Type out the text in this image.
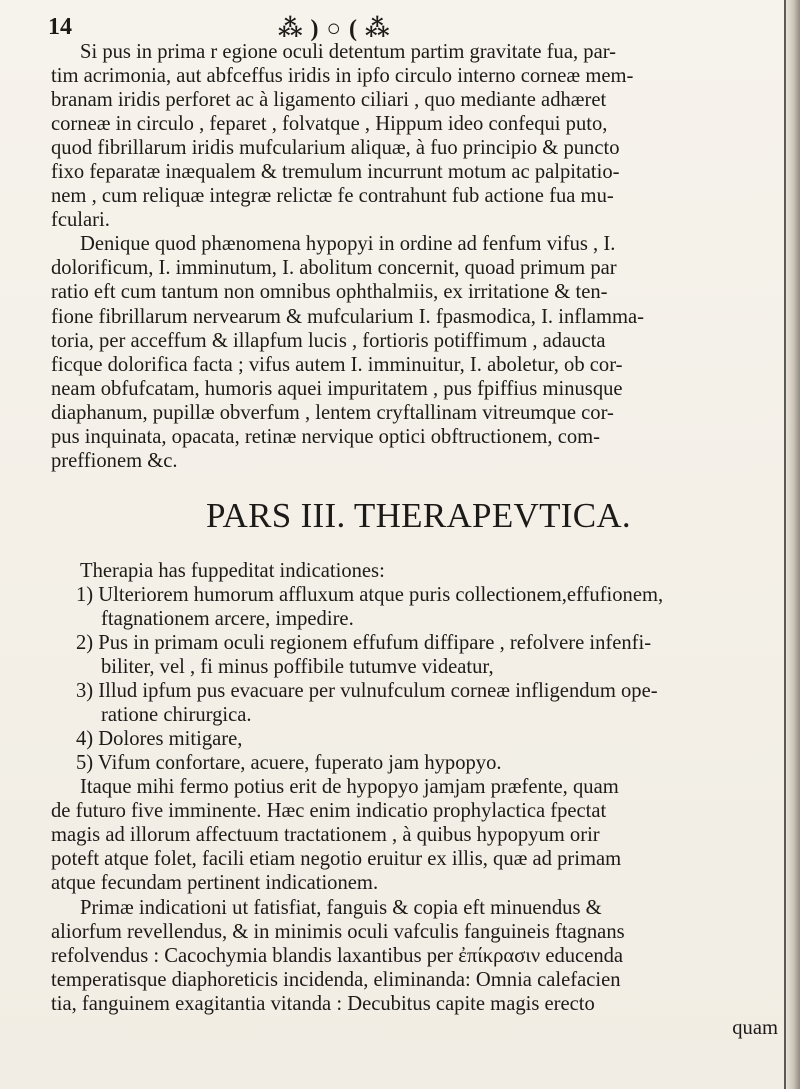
14	⁂ ) ○ ( ⁂
Si pus in prima r egione oculi detentum partim gravitate fua, par-
tim acrimonia, aut abfceffus iridis in ipfo circulo interno corneæ mem-
branam iridis perforet ac à ligamento ciliari , quo mediante adhæret
corneæ in circulo , feparet , folvatque , Hippum ideo confequi puto,
quod fibrillarum iridis mufcularium aliquæ, à fuo principio & puncto
fixo feparatæ inæqualem & tremulum incurrunt motum ac palpitatio-
nem , cum reliquæ integræ relictæ fe contrahunt fub actione fua mu-
fculari.
Denique quod phænomena hypopyi in ordine ad fenfum vifus , I.
dolorificum, I. imminutum, I. abolitum concernit, quoad primum par
ratio eft cum tantum non omnibus ophthalmiis, ex irritatione & ten-
fione fibrillarum nervearum & mufcularium I. fpasmodica, I. inflamma-
toria, per acceffum & illapfum lucis , fortioris potiffimum , adaucta
ficque dolorifica facta ; vifus autem I. imminuitur, I. aboletur, ob cor-
neam obfufcatam, humoris aquei impuritatem , pus fpiffius minusque
diaphanum, pupillæ obverfum , lentem cryftallinam vitreumque cor-
pus inquinata, opacata, retinæ nervique optici obftructionem, com-
preffionem &c.
PARS III. THERAPEVTICA.
Therapia has fuppeditat indicationes:
1) Ulteriorem humorum affluxum atque puris collectionem,effufionem,
ftagnationem arcere, impedire.
2) Pus in primam oculi regionem effufum diffipare , refolvere infenfi-
biliter, vel , fi minus poffibile tutumve videatur,
3) Illud ipfum pus evacuare per vulnufculum corneæ infligendum ope-
ratione chirurgica.
4) Dolores mitigare,
5) Vifum confortare, acuere, fuperato jam hypopyo.
Itaque mihi fermo potius erit de hypopyo jamjam præfente, quam
de futuro five imminente. Hæc enim indicatio prophylactica fpectat
magis ad illorum affectuum tractationem , à quibus hypopyum orir
poteft atque folet, facili etiam negotio eruitur ex illis, quæ ad primam
atque fecundam pertinent indicationem.
Primæ indicationi ut fatisfiat, fanguis & copia eft minuendus &
aliorfum revellendus, & in minimis oculi vafculis fanguineis ftagnans
refolvendus : Cacochymia blandis laxantibus per ἐπίκρασιν educenda
temperatisque diaphoreticis incidenda, eliminanda: Omnia calefacien
tia, fanguinem exagitantia vitanda : Decubitus capite magis erecto
quam
